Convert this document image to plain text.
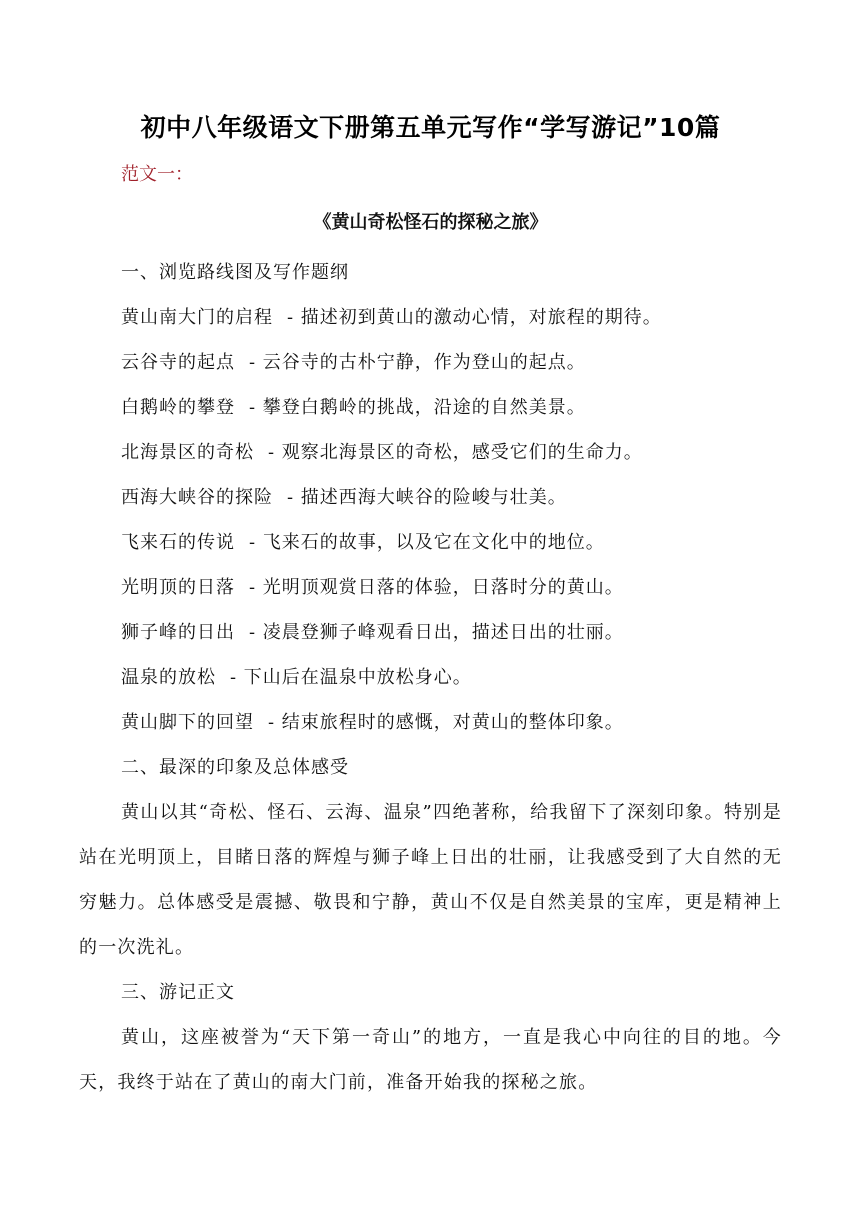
初中八年级语文下册第五单元写作“学写游记”10篇
范文一：
《黄山奇松怪石的探秘之旅》
一、浏览路线图及写作题纲
黄山南大门的启程 - 描述初到黄山的激动心情，对旅程的期待。
云谷寺的起点 - 云谷寺的古朴宁静，作为登山的起点。
白鹅岭的攀登 - 攀登白鹅岭的挑战，沿途的自然美景。
北海景区的奇松 - 观察北海景区的奇松，感受它们的生命力。
西海大峡谷的探险 - 描述西海大峡谷的险峻与壮美。
飞来石的传说 - 飞来石的故事，以及它在文化中的地位。
光明顶的日落 - 光明顶观赏日落的体验，日落时分的黄山。
狮子峰的日出 - 凌晨登狮子峰观看日出，描述日出的壮丽。
温泉的放松 - 下山后在温泉中放松身心。
黄山脚下的回望 - 结束旅程时的感慨，对黄山的整体印象。
二、最深的印象及总体感受

黄山以其“奇松、怪石、云海、温泉”四绝著称，给我留下了深刻印象。特别是站在光明顶上，目睹日落的辉煌与狮子峰上日出的壮丽，让我感受到了大自然的无穷魅力。总体感受是震撼、敬畏和宁静，黄山不仅是自然美景的宝库，更是精神上的一次洗礼。

三、游记正文

黄山，这座被誉为“天下第一奇山”的地方，一直是我心中向往的目的地。今天，我终于站在了黄山的南大门前，准备开始我的探秘之旅。
